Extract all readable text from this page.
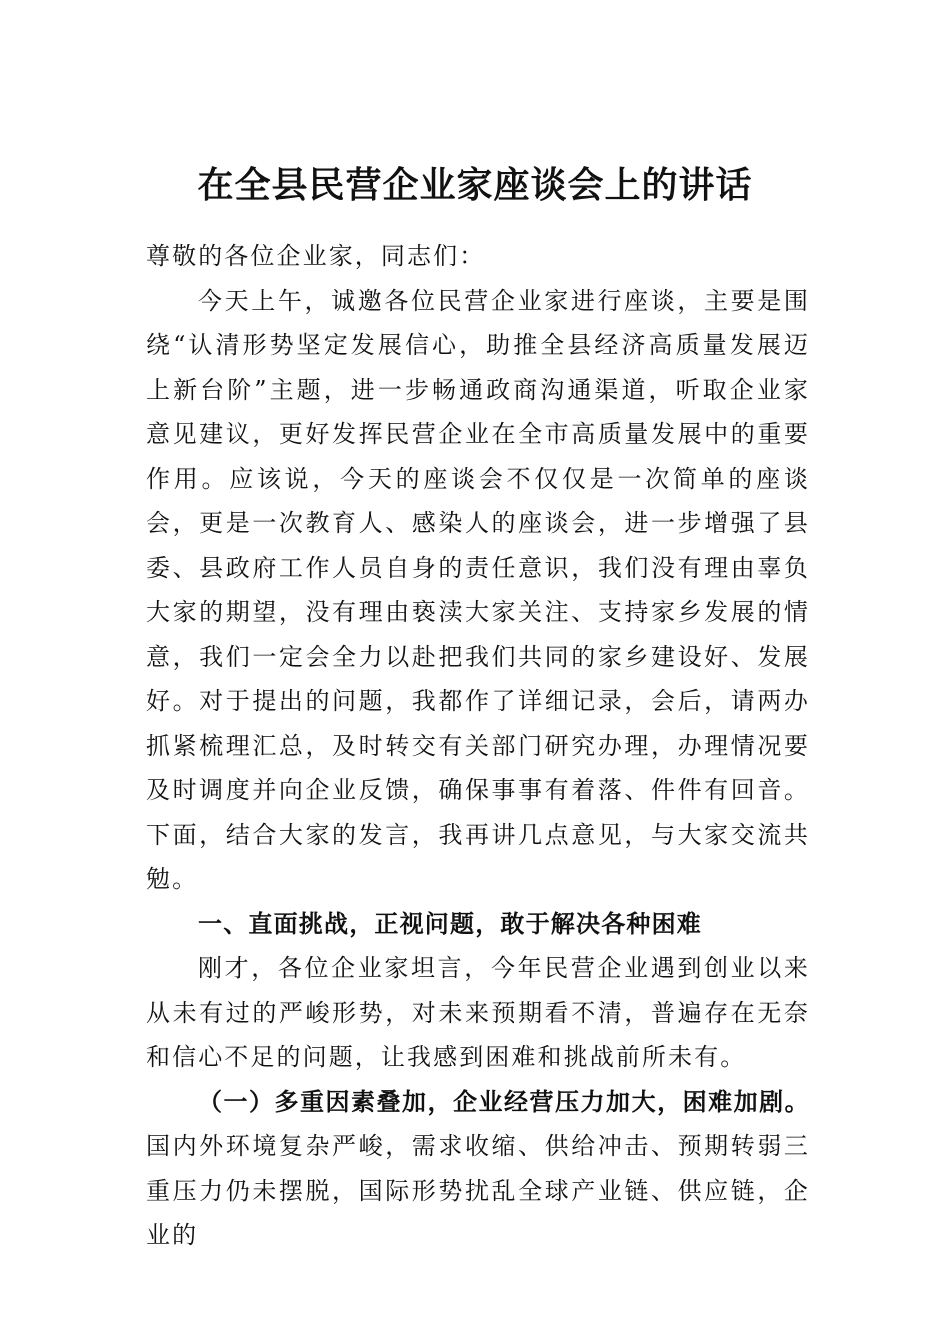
在全县民营企业家座谈会上的讲话

尊敬的各位企业家，同志们：

今天上午，诚邀各位民营企业家进行座谈，主要是围绕“认清形势坚定发展信心，助推全县经济高质量发展迈上新台阶”主题，进一步畅通政商沟通渠道，听取企业家意见建议，更好发挥民营企业在全市高质量发展中的重要作用。应该说，今天的座谈会不仅仅是一次简单的座谈会，更是一次教育人、感染人的座谈会，进一步增强了县委、县政府工作人员自身的责任意识，我们没有理由辜负大家的期望，没有理由亵渎大家关注、支持家乡发展的情意，我们一定会全力以赴把我们共同的家乡建设好、发展好。对于提出的问题，我都作了详细记录，会后，请两办抓紧梳理汇总，及时转交有关部门研究办理，办理情况要及时调度并向企业反馈，确保事事有着落、件件有回音。下面，结合大家的发言，我再讲几点意见，与大家交流共勉。

一、直面挑战，正视问题，敢于解决各种困难

刚才，各位企业家坦言，今年民营企业遇到创业以来从未有过的严峻形势，对未来预期看不清，普遍存在无奈和信心不足的问题，让我感到困难和挑战前所未有。

（一）多重因素叠加，企业经营压力加大，困难加剧。国内外环境复杂严峻，需求收缩、供给冲击、预期转弱三重压力仍未摆脱，国际形势扰乱全球产业链、供应链，企业的
